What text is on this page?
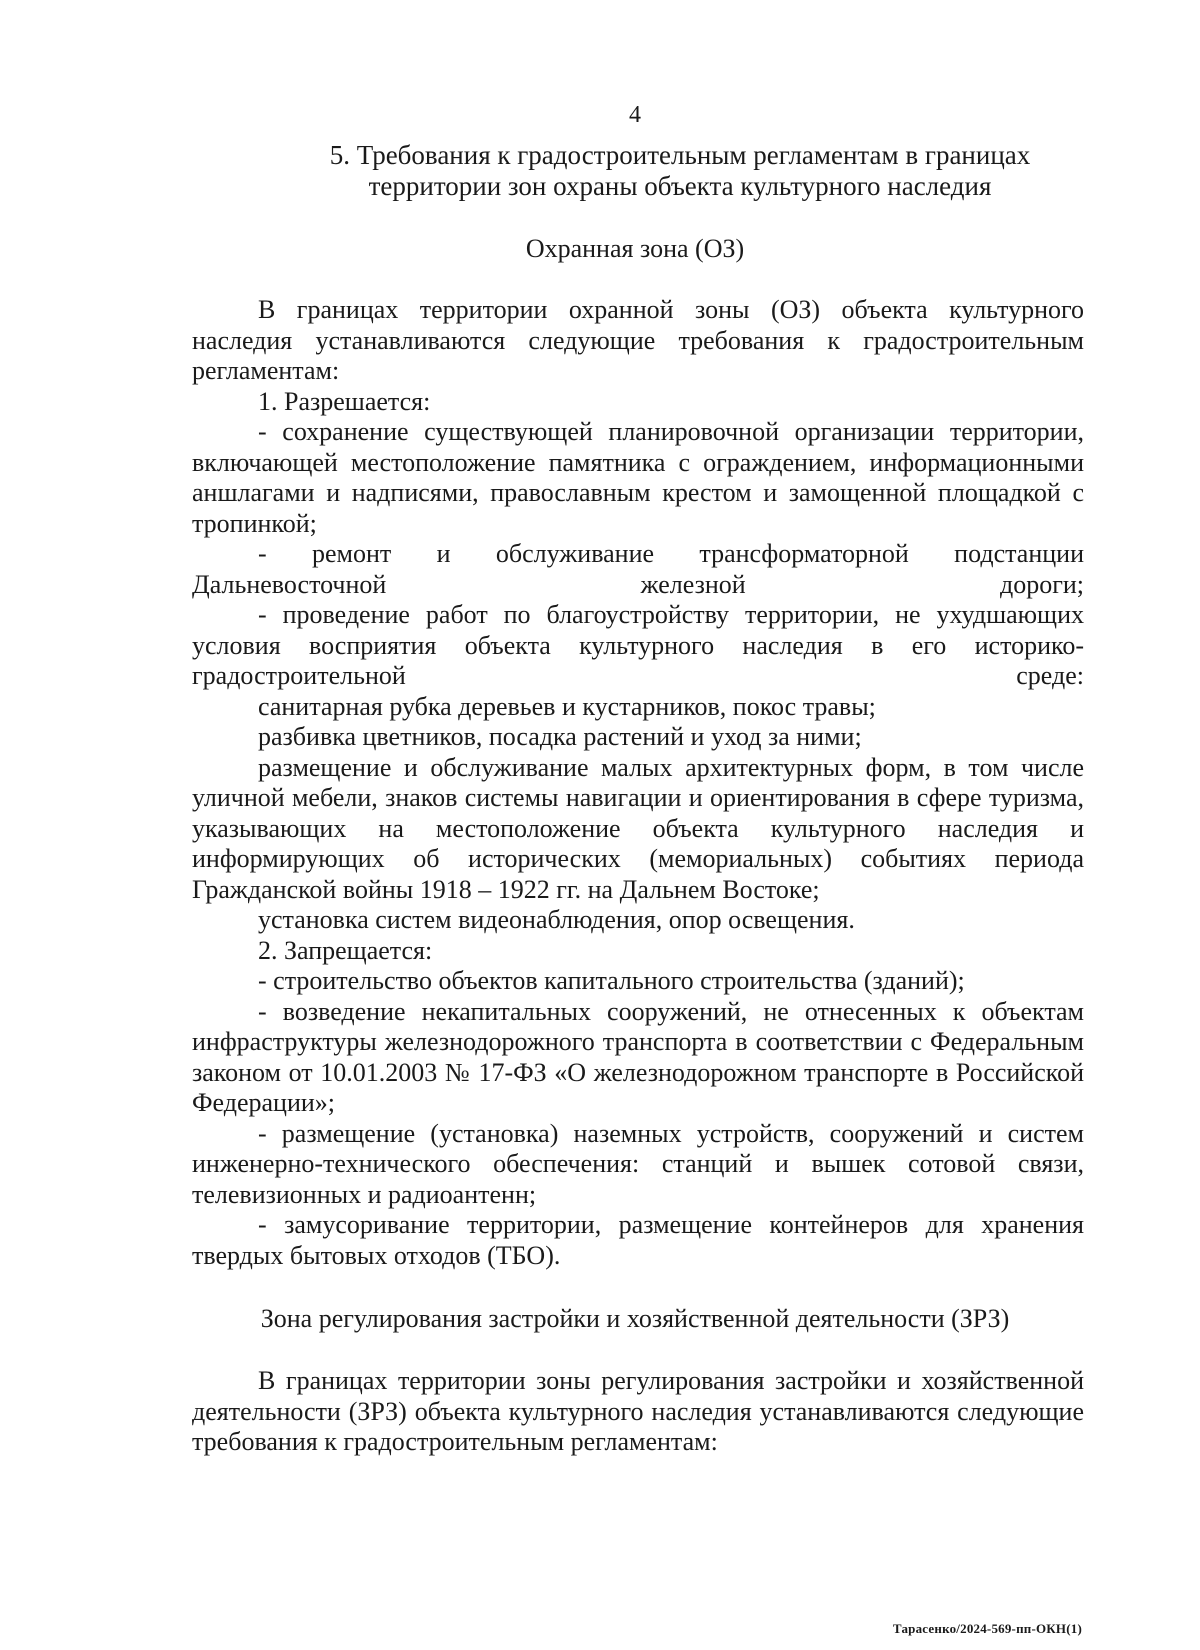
4
5. Требования к градостроительным регламентам в границах
территории зон охраны объекта культурного наследия
Охранная зона (ОЗ)

В границах территории охранной зоны (ОЗ) объекта культурного наследия устанавливаются следующие требования к градостроительным регламентам:

1. Разрешается:

- сохранение существующей планировочной организации территории, включающей местоположение памятника с ограждением, информационными аншлагами и надписями, православным крестом и замощенной площадкой с тропинкой;

- ремонт и обслуживание трансформаторной подстанции Дальневосточной железной дороги;

- проведение работ по благоустройству территории, не ухудшающих условия восприятия объекта культурного наследия в его историко-градостроительной среде:

санитарная рубка деревьев и кустарников, покос травы;

разбивка цветников, посадка растений и уход за ними;

размещение и обслуживание малых архитектурных форм, в том числе уличной мебели, знаков системы навигации и ориентирования в сфере туризма, указывающих на местоположение объекта культурного наследия и информирующих об исторических (мемориальных) событиях периода Гражданской войны 1918 – 1922 гг. на Дальнем Востоке;

установка систем видеонаблюдения, опор освещения.

2. Запрещается:

- строительство объектов капитального строительства (зданий);

- возведение некапитальных сооружений, не отнесенных к объектам инфраструктуры железнодорожного транспорта в соответствии с Федеральным законом от 10.01.2003 № 17-ФЗ «О железнодорожном транспорте в Российской Федерации»;

- размещение (установка) наземных устройств, сооружений и систем инженерно-технического обеспечения: станций и вышек сотовой связи, телевизионных и радиоантенн;

- замусоривание территории, размещение контейнеров для хранения твердых бытовых отходов (ТБО).

Зона регулирования застройки и хозяйственной деятельности (ЗРЗ)

В границах территории зоны регулирования застройки и хозяйственной деятельности (ЗРЗ) объекта культурного наследия устанавливаются следующие требования к градостроительным регламентам:

Тарасенко/2024-569-пп-ОКН(1)
